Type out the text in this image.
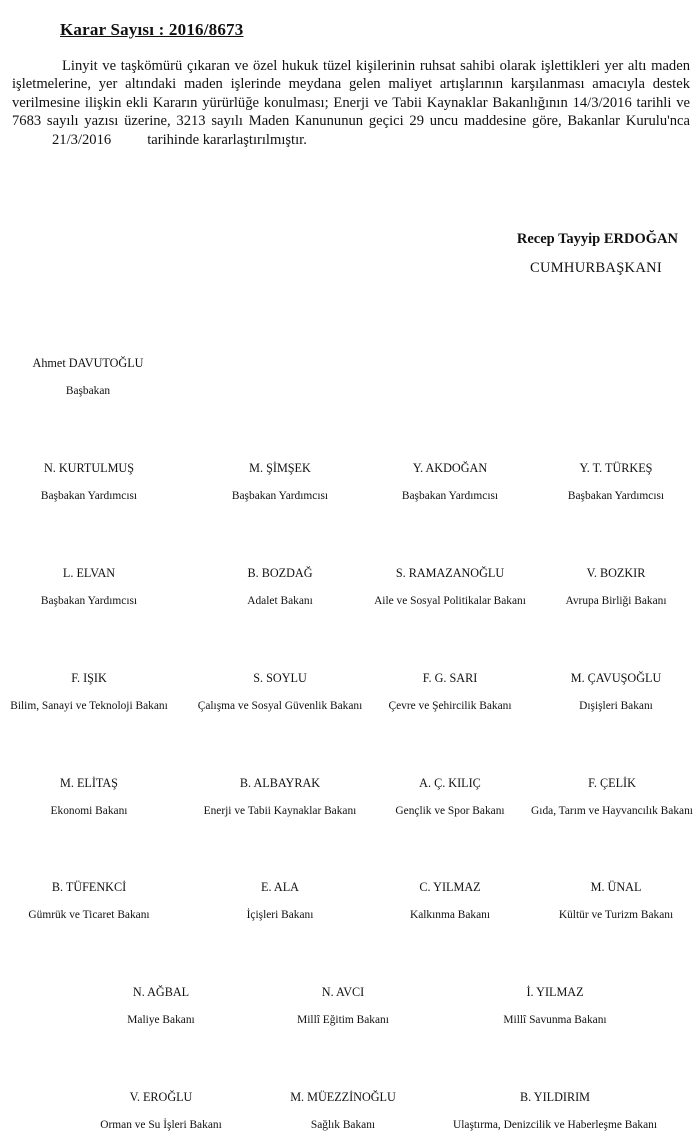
Karar Sayısı : 2016/8673
Linyit ve taşkömürü çıkaran ve özel hukuk tüzel kişilerinin ruhsat sahibi olarak işlettikleri yer altı maden işletmelerine, yer altındaki maden işlerinde meydana gelen maliyet artışlarının karşılanması amacıyla destek verilmesine ilişkin ekli Kararın yürürlüğe konulması; Enerji ve Tabii Kaynaklar Bakanlığının 14/3/2016 tarihli ve 7683 sayılı yazısı üzerine, 3213 sayılı Maden Kanununun geçici 29 uncu maddesine göre, Bakanlar Kurulu'nca21/3/2016 tarihinde kararlaştırılmıştır.
Recep Tayyip ERDOĞAN
CUMHURBAŞKANI
Ahmet DAVUTOĞLU
Başbakan
N. KURTULMUŞ
Başbakan Yardımcısı
M. ŞİMŞEK
Başbakan Yardımcısı
Y. AKDOĞAN
Başbakan Yardımcısı
Y. T. TÜRKEŞ
Başbakan Yardımcısı
L. ELVAN
Başbakan Yardımcısı
B. BOZDAĞ
Adalet Bakanı
S. RAMAZANOĞLU
Aile ve Sosyal Politikalar Bakanı
V. BOZKIR
Avrupa Birliği Bakanı
F. IŞIK
Bilim, Sanayi ve Teknoloji Bakanı
S. SOYLU
Çalışma ve Sosyal Güvenlik Bakanı
F. G. SARI
Çevre ve Şehircilik Bakanı
M. ÇAVUŞOĞLU
Dışişleri Bakanı
M. ELİTAŞ
Ekonomi Bakanı
B. ALBAYRAK
Enerji ve Tabii Kaynaklar Bakanı
A. Ç. KILIÇ
Gençlik ve Spor Bakanı
F. ÇELİK
Gıda, Tarım ve Hayvancılık Bakanı
B. TÜFENKCİ
Gümrük ve Ticaret Bakanı
E. ALA
İçişleri Bakanı
C. YILMAZ
Kalkınma Bakanı
M. ÜNAL
Kültür ve Turizm Bakanı
N. AĞBAL
Maliye Bakanı
N. AVCI
Millî Eğitim Bakanı
İ. YILMAZ
Millî Savunma Bakanı
V. EROĞLU
Orman ve Su İşleri Bakanı
M. MÜEZZİNOĞLU
Sağlık Bakanı
B. YILDIRIM
Ulaştırma, Denizcilik ve Haberleşme Bakanı
